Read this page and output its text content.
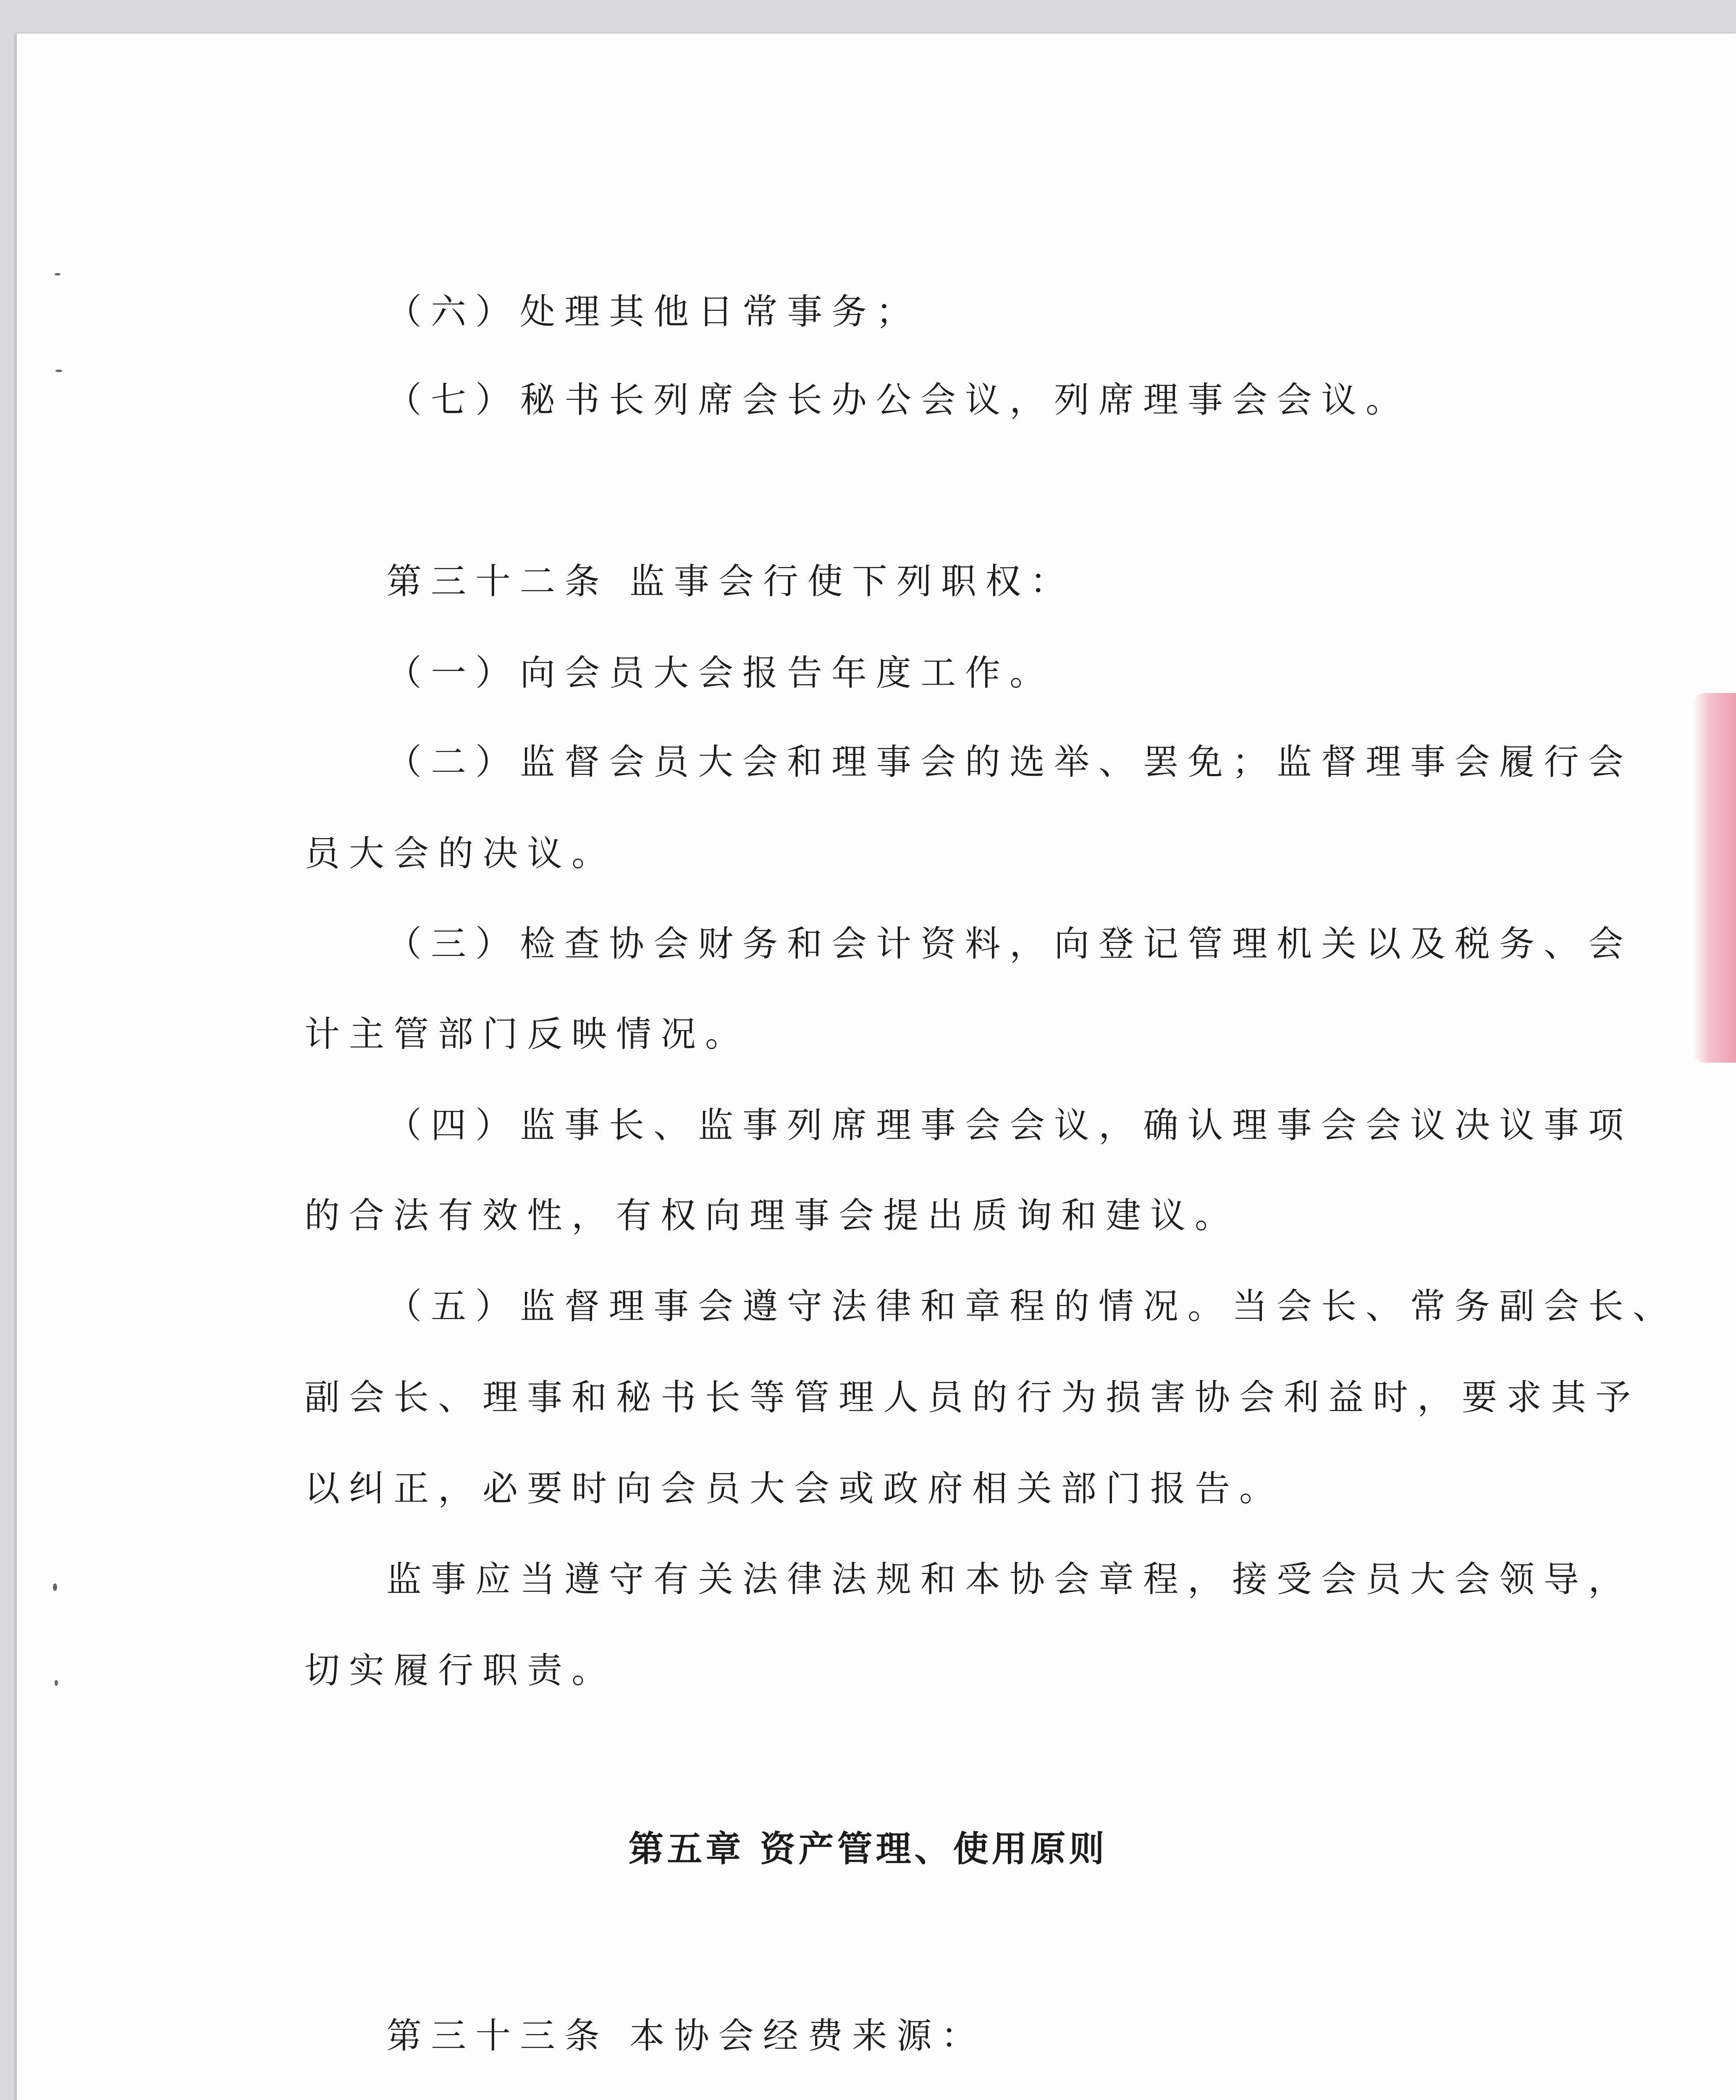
（六）处理其他日常事务；
（七）秘书长列席会长办公会议，列席理事会会议。
第三十二条 监事会行使下列职权：
（一）向会员大会报告年度工作。
（二）监督会员大会和理事会的选举、罢免；监督理事会履行会
员大会的决议。
（三）检查协会财务和会计资料，向登记管理机关以及税务、会
计主管部门反映情况。
（四）监事长、监事列席理事会会议，确认理事会会议决议事项
的合法有效性，有权向理事会提出质询和建议。
（五）监督理事会遵守法律和章程的情况。当会长、常务副会长、
副会长、理事和秘书长等管理人员的行为损害协会利益时，要求其予
以纠正，必要时向会员大会或政府相关部门报告。
监事应当遵守有关法律法规和本协会章程，接受会员大会领导，
切实履行职责。
第五章 资产管理、使用原则
第三十三条 本协会经费来源：
